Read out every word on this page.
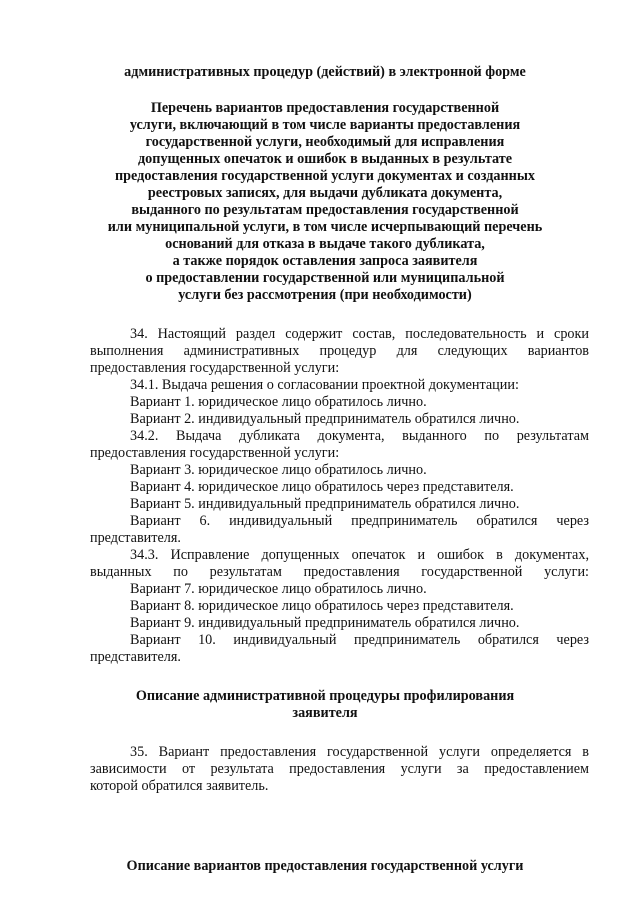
административных процедур (действий) в электронной форме
Перечень вариантов предоставления государственной
услуги, включающий в том числе варианты предоставления
государственной услуги, необходимый для исправления
допущенных опечаток и ошибок в выданных в результате
предоставления государственной услуги документах и созданных
реестровых записях, для выдачи дубликата документа,
выданного по результатам предоставления государственной
или муниципальной услуги, в том числе исчерпывающий перечень
оснований для отказа в выдаче такого дубликата,
а также порядок оставления запроса заявителя
о предоставлении государственной или муниципальной
услуги без рассмотрения (при необходимости)
34. Настоящий раздел содержит состав, последовательность и сроки
выполнения административных процедур для следующих вариантов
предоставления государственной услуги:
34.1. Выдача решения о согласовании проектной документации:
Вариант 1. юридическое лицо обратилось лично.
Вариант 2. индивидуальный предприниматель обратился лично.
34.2. Выдача дубликата документа, выданного по результатам
предоставления государственной услуги:
Вариант 3. юридическое лицо обратилось лично.
Вариант 4. юридическое лицо обратилось через представителя.
Вариант 5. индивидуальный предприниматель обратился лично.
Вариант 6. индивидуальный предприниматель обратился через
представителя.
34.3. Исправление допущенных опечаток и ошибок в документах,
выданных по результатам предоставления государственной услуги:
Вариант 7. юридическое лицо обратилось лично.
Вариант 8. юридическое лицо обратилось через представителя.
Вариант 9. индивидуальный предприниматель обратился лично.
Вариант 10. индивидуальный предприниматель обратился через
представителя.
Описание административной процедуры профилирования
заявителя
35. Вариант предоставления государственной услуги определяется в
зависимости от результата предоставления услуги за предоставлением
которой обратился заявитель.
Описание вариантов предоставления государственной услуги
